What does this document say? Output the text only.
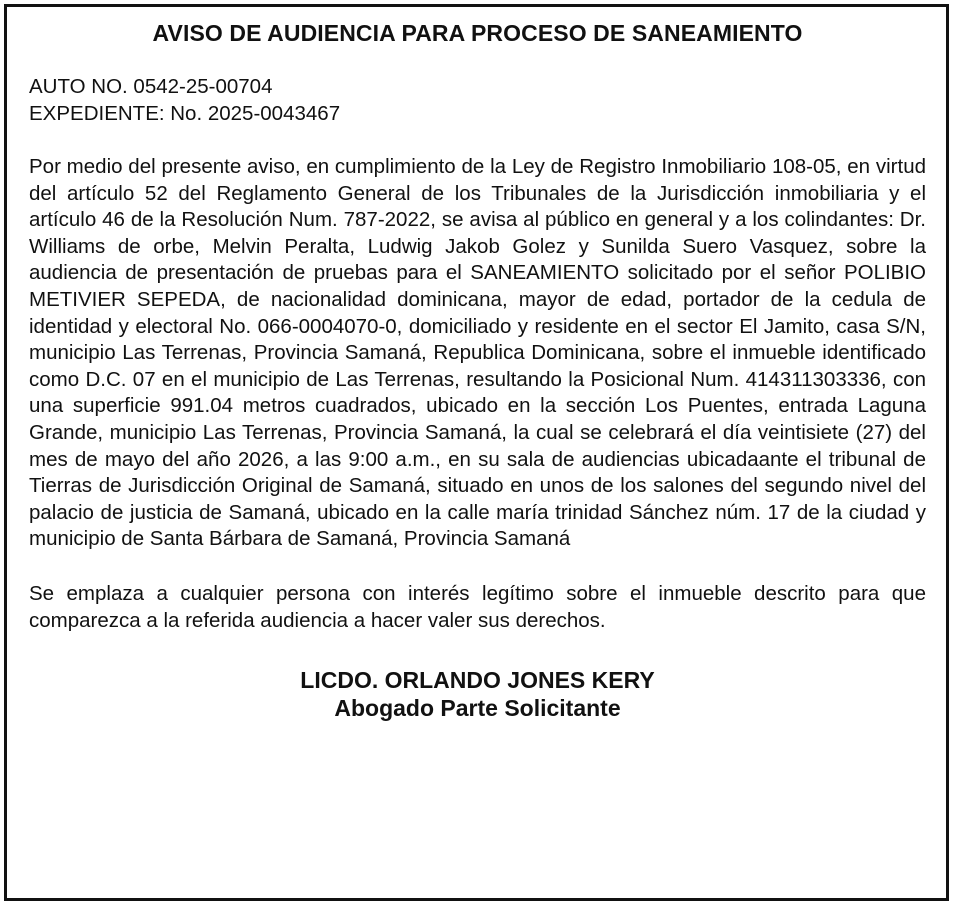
AVISO DE AUDIENCIA PARA PROCESO DE SANEAMIENTO
AUTO NO. 0542-25-00704
EXPEDIENTE: No. 2025-0043467

Por medio del presente aviso, en cumplimiento de la Ley de Registro Inmobiliario 108-05, en virtud del artículo 52 del Reglamento General de los Tribunales de la Jurisdicción inmobiliaria y el artículo 46 de la Resolución Num. 787-2022, se avisa al público en general y a los colindantes: Dr. Williams de orbe, Melvin Peralta, Ludwig Jakob Golez y Sunilda Suero Vasquez, sobre la audiencia de presentación de pruebas para el SANEAMIENTO solicitado por el señor POLIBIO METIVIER SEPEDA, de nacionalidad dominicana, mayor de edad, portador de la cedula de identidad y electoral No. 066-0004070-0, domiciliado y residente en el sector El Jamito, casa S/N, municipio Las Terrenas, Provincia Samaná, Republica Dominicana, sobre el inmueble identificado como D.C. 07 en el municipio de Las Terrenas, resultando la Posicional Num. 414311303336, con una superficie 991.04 metros cuadrados, ubicado en la sección Los Puentes, entrada Laguna Grande, municipio Las Terrenas, Provincia Samaná, la cual se celebrará el día veintisiete (27) del mes de mayo del año 2026, a las 9:00 a.m., en su sala de audiencias ubicadaante el tribunal de Tierras de Jurisdicción Original de Samaná, situado en unos de los salones del segundo nivel del palacio de justicia de Samaná, ubicado en la calle maría trinidad Sánchez núm. 17 de la ciudad y municipio de Santa Bárbara de Samaná, Provincia Samaná

Se emplaza a cualquier persona con interés legítimo sobre el inmueble descrito para que comparezca a la referida audiencia a hacer valer sus derechos.

LICDO. ORLANDO JONES KERY
Abogado Parte Solicitante
